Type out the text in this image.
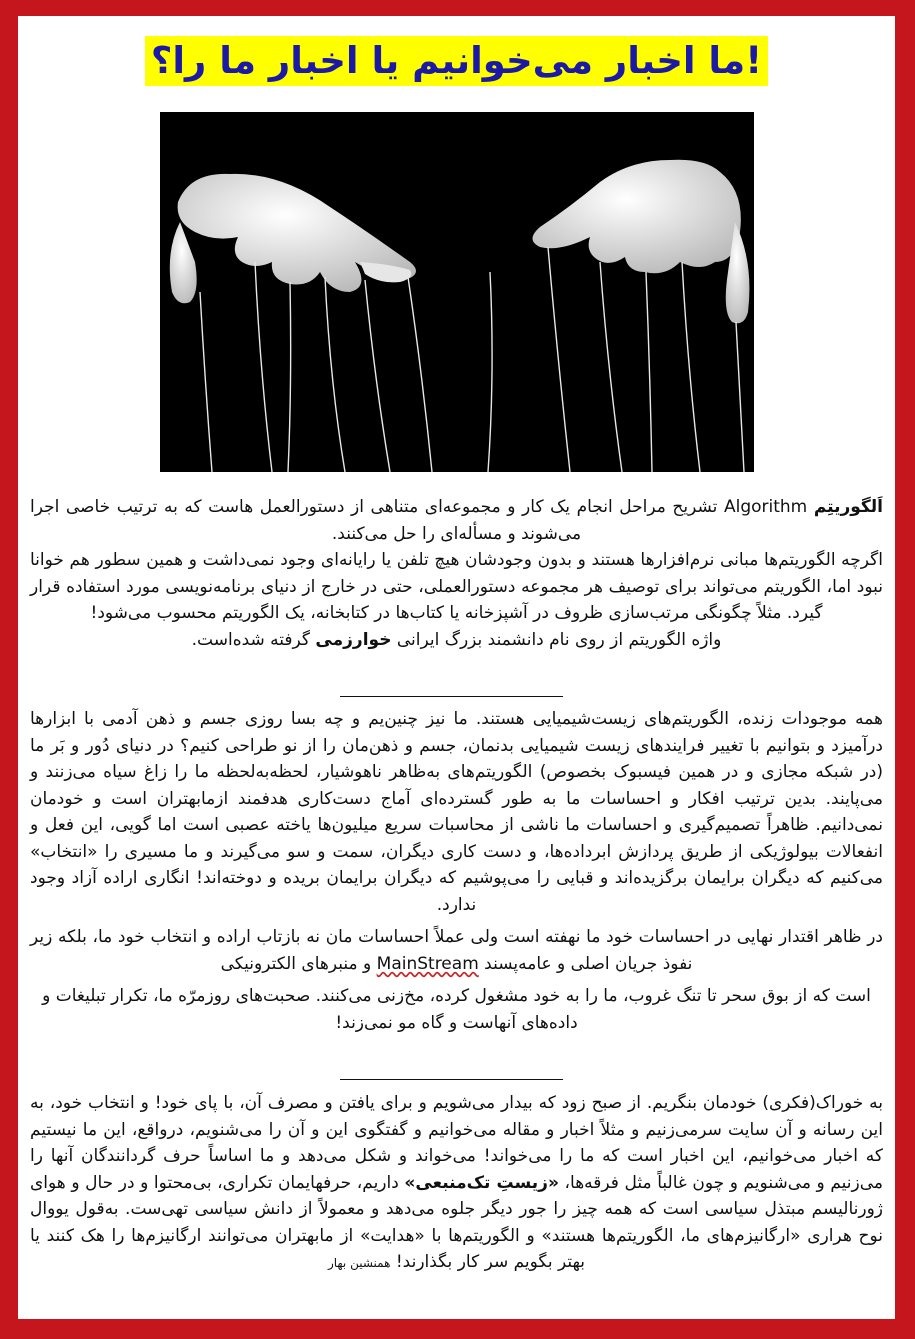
ما اخبار می‌خوانیم یا اخبار ما را؟!

اَلگوریتِم Algorithm تشریح مراحل انجام یک کار و مجموعه‌ای متناهی از دستورالعمل هاست که به ترتیب خاصی اجرا می‌شوند و مسأله‌ای را حل می‌کنند.

اگرچه الگوریتم‌ها مبانی نرم‌افزارها هستند و بدون وجودشان هیچ تلفن یا رایانه‌ای وجود نمی‌داشت و همین سطور هم خوانا نبود اما، الگوریتم می‌تواند برای توصیف هر مجموعه دستورالعملی، حتی در خارج از دنیای برنامه‌نویسی مورد استفاده قرار گیرد. مثلاً چگونگی مرتب‌سازی ظروف در آشپزخانه یا کتاب‌ها در کتابخانه، یک الگوریتم محسوب می‌شود!

واژه الگوریتم از روی نام دانشمند بزرگ ایرانی خوارزمی گرفته شده‌است.

همه موجودات زنده، الگوریتم‌های زیست‌شیمیایی هستند. ما نیز چنین‌یم و چه بسا روزی جسم و ذهن آدمی با ابزارها درآمیزد و بتوانیم با تغییر فرایندهای زیست شیمیایی بدنمان، جسم و ذهن‌مان را از نو طراحی کنیم؟ در دنیای دُور و بَر ما (در شبکه مجازی و در همین فیسبوک بخصوص) الگوریتم‌های به‌ظاهر ناهوشیار، لحظه‌به‌لحظه ما را زاغ سیاه می‌زنند و می‌پایند. بدین ترتیب افکار و احساسات ما به طور گسترده‌ای آماج دست‌کاری هدفمند ازمابهتران است و خودمان نمی‌دانیم. ظاهراً تصمیم‌گیری و احساسات ما ناشی از محاسبات سریع میلیون‌ها یاخته عصبی است اما گویی، این فعل و انفعالات بیولوژیکی از طریق پردازش ابرداده‌ها، و دست کاری دیگران، سمت و سو می‌گیرند و ما مسیری را «انتخاب» می‌کنیم که دیگران برایمان برگزیده‌اند و قبایی را می‌پوشیم که دیگران برایمان بریده و دوخته‌اند! انگاری اراده آزاد وجود ندارد.

در ظاهر اقتدار نهایی در احساسات خود ما نهفته است ولی عملاً احساسات مان نه بازتاب اراده و انتخاب خود ما، بلکه زیر نفوذ جریان اصلی و عامه‌پسند MainStream و منبرهای الکترونیکی

است که از بوق سحر تا تنگ غروب، ما را به خود مشغول کرده، مخ‌زنی می‌کنند. صحبت‌های روزمرّه ما، تکرار تبلیغات و داده‌های آنهاست و گاه مو نمی‌زند!

به خوراک(فکری) خودمان بنگریم. از صبح زود که بیدار می‌شویم و برای یافتن و مصرف آن، با پای خود! و انتخاب خود، به این رسانه و آن سایت سرمی‌زنیم و مثلاً اخبار و مقاله می‌خوانیم و گفتگوی این و آن را می‌شنویم، درواقع، این ما نیستیم که اخبار می‌خوانیم، این اخبار است که ما را می‌خواند! می‌خواند و شکل می‌دهد و ما اساساً حرف گردانندگان آنها را می‌زنیم و می‌شنویم و چون غالباً مثل فرقه‌ها، «زیستِ تک‌منبعی» داریم، حرفهایمان تکراری، بی‌محتوا و در حال و هوای ژورنالیسم مبتذل سیاسی است که همه چیز را جور دیگر جلوه می‌دهد و معمولاً از دانش سیاسی تهی‌ست. به‌قول یووال نوح هراری «ارگانیزم‌های ما، الگوریتم‌ها هستند» و الگوریتم‌ها با «هدایت» از مابهتران می‌توانند ارگانیزم‌ها را هک کنند یا بهتر بگویم سر کار بگذارند! همنشین بهار
